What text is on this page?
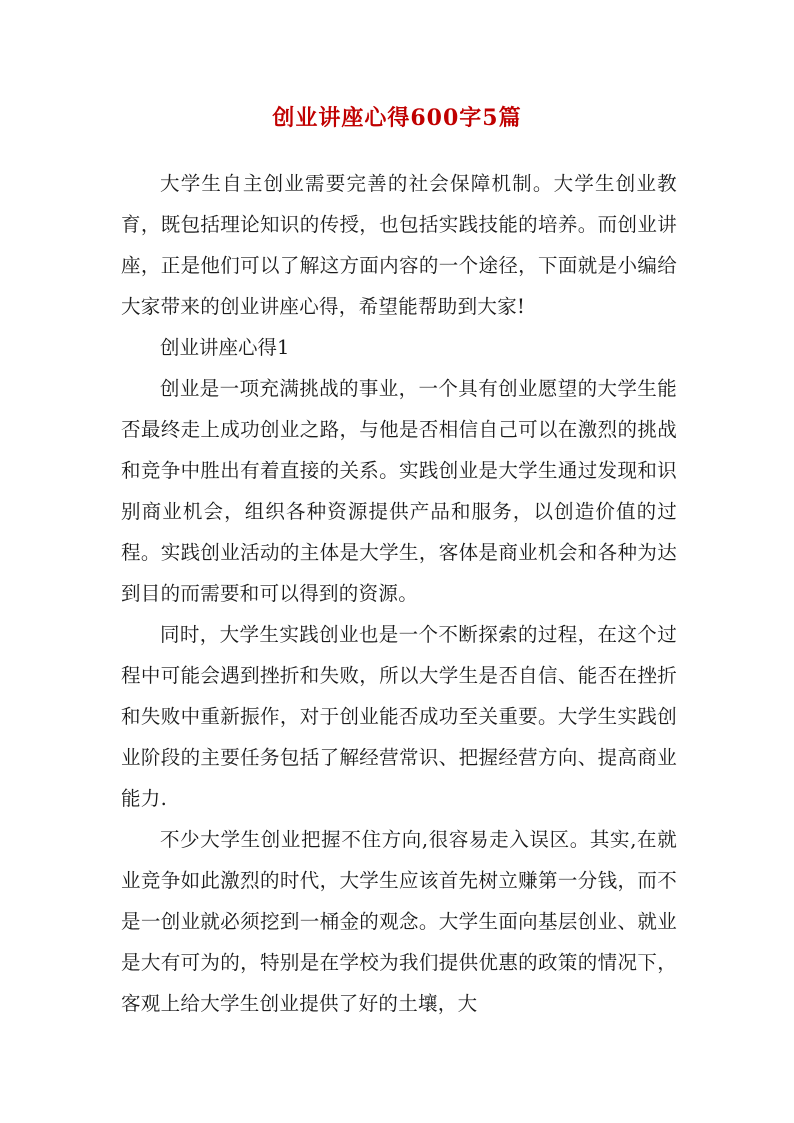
创业讲座心得600字5篇

大学生自主创业需要完善的社会保障机制。大学生创业教育，既包括理论知识的传授，也包括实践技能的培养。而创业讲座，正是他们可以了解这方面内容的一个途径，下面就是小编给大家带来的创业讲座心得，希望能帮助到大家!

创业讲座心得1

创业是一项充满挑战的事业，一个具有创业愿望的大学生能否最终走上成功创业之路，与他是否相信自己可以在激烈的挑战和竞争中胜出有着直接的关系。实践创业是大学生通过发现和识别商业机会，组织各种资源提供产品和服务，以创造价值的过程。实践创业活动的主体是大学生，客体是商业机会和各种为达到目的而需要和可以得到的资源。

同时，大学生实践创业也是一个不断探索的过程，在这个过程中可能会遇到挫折和失败，所以大学生是否自信、能否在挫折和失败中重新振作，对于创业能否成功至关重要。大学生实践创业阶段的主要任务包括了解经营常识、把握经营方向、提高商业能力.

不少大学生创业把握不住方向,很容易走入误区。其实,在就业竞争如此激烈的时代，大学生应该首先树立赚第一分钱，而不是一创业就必须挖到一桶金的观念。大学生面向基层创业、就业是大有可为的，特别是在学校为我们提供优惠的政策的情况下，客观上给大学生创业提供了好的土壤，大
